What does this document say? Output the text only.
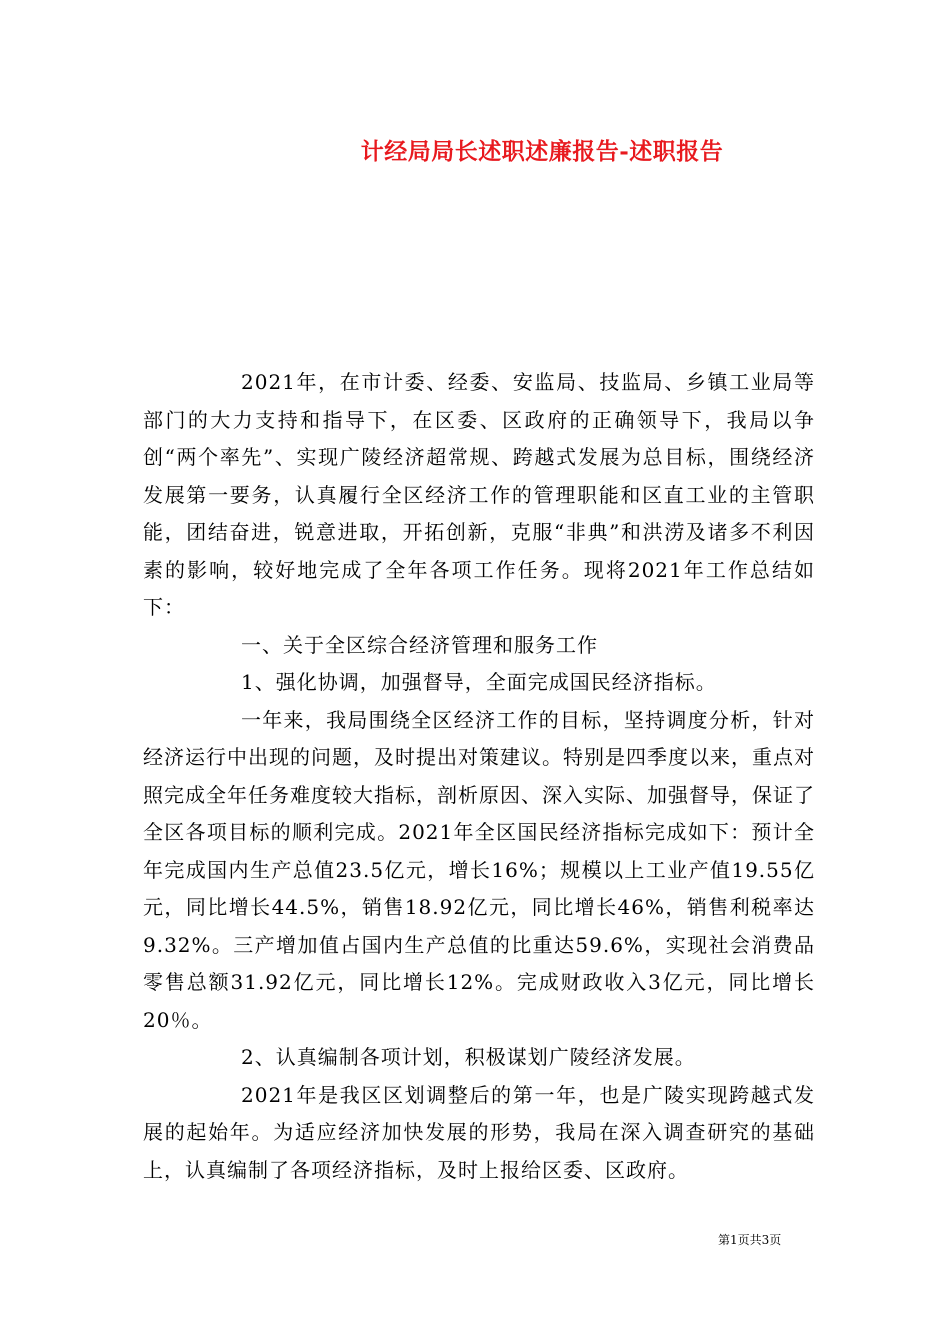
计经局局长述职述廉报告-述职报告

2021年，在市计委、经委、安监局、技监局、乡镇工业局等部门的大力支持和指导下，在区委、区政府的正确领导下，我局以争创“两个率先”、实现广陵经济超常规、跨越式发展为总目标，围绕经济发展第一要务，认真履行全区经济工作的管理职能和区直工业的主管职能，团结奋进，锐意进取，开拓创新，克服“非典”和洪涝及诸多不利因素的影响，较好地完成了全年各项工作任务。现将2021年工作总结如下：

一、关于全区综合经济管理和服务工作

1、强化协调，加强督导，全面完成国民经济指标。

一年来，我局围绕全区经济工作的目标，坚持调度分析，针对经济运行中出现的问题，及时提出对策建议。特别是四季度以来，重点对照完成全年任务难度较大指标，剖析原因、深入实际、加强督导，保证了全区各项目标的顺利完成。2021年全区国民经济指标完成如下：预计全年完成国内生产总值23.5亿元，增长16%；规模以上工业产值19.55亿元，同比增长44.5%，销售18.92亿元，同比增长46%，销售利税率达9.32%。三产增加值占国内生产总值的比重达59.6%，实现社会消费品零售总额31.92亿元，同比增长12%。完成财政收入3亿元，同比增长20％。

2、认真编制各项计划，积极谋划广陵经济发展。

2021年是我区区划调整后的第一年，也是广陵实现跨越式发展的起始年。为适应经济加快发展的形势，我局在深入调查研究的基础上，认真编制了各项经济指标，及时上报给区委、区政府。

第1页共3页
